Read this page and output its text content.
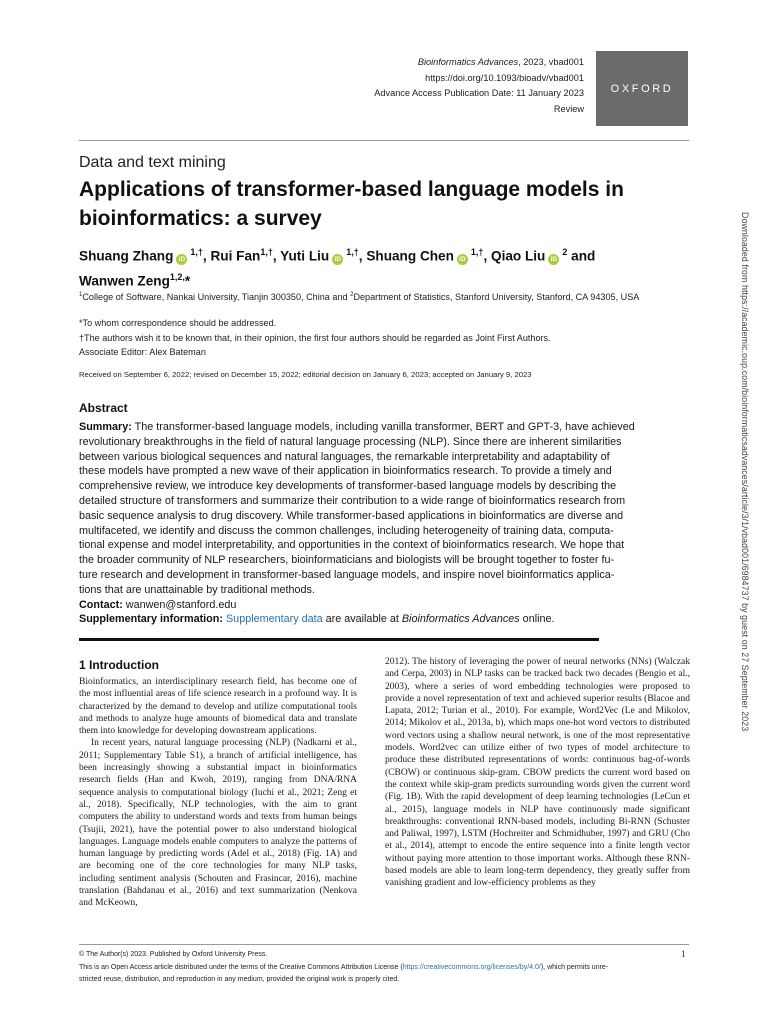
Bioinformatics Advances, 2023, vbad001
https://doi.org/10.1093/bioadv/vbad001
Advance Access Publication Date: 11 January 2023
Review
OXFORD
Data and text mining
Applications of transformer-based language models in
bioinformatics: a survey
Shuang Zhang $iD^{1,\dagger}$, Rui Fan$^{1,\dagger}$, Yuti Liu $iD^{1,\dagger}$, Shuang Chen $iD^{1,\dagger}$, Qiao Liu $iD^2$ and
Wanwen Zeng$^{1,2,}$*
$^1$College of Software, Nankai University, Tianjin 300350, China and $^2$Department of Statistics, Stanford University, Stanford, CA 94305, USA
*To whom correspondence should be addressed.
†The authors wish it to be known that, in their opinion, the first four authors should be regarded as Joint First Authors.
Associate Editor: Alex Bateman
Received on September 6, 2022; revised on December 15, 2022; editorial decision on January 6, 2023; accepted on January 9, 2023
Abstract

Summary: The transformer-based language models, including vanilla transformer, BERT and GPT-3, have achieved

revolutionary breakthroughs in the field of natural language processing (NLP). Since there are inherent similarities

between various biological sequences and natural languages, the remarkable interpretability and adaptability of

these models have prompted a new wave of their application in bioinformatics research. To provide a timely and

comprehensive review, we introduce key developments of transformer-based language models by describing the

detailed structure of transformers and summarize their contribution to a wide range of bioinformatics research from

basic sequence analysis to drug discovery. While transformer-based applications in bioinformatics are diverse and

multifaceted, we identify and discuss the common challenges, including heterogeneity of training data, computa-

tional expense and model interpretability, and opportunities in the context of bioinformatics research. We hope that

the broader community of NLP researchers, bioinformaticians and biologists will be brought together to foster fu-

ture research and development in transformer-based language models, and inspire novel bioinformatics applica-

tions that are unattainable by traditional methods.

Contact: wanwen@stanford.edu

Supplementary information: Supplementary data are available at Bioinformatics Advances online.

1 Introduction

Bioinformatics, an interdisciplinary research field, has become one of the most influential areas of life science research in a profound way. It is characterized by the demand to develop and utilize computational tools and methods to analyze huge amounts of biomedical data and translate them into knowledge for developing downstream applications.

In recent years, natural language processing (NLP) (Nadkarni et al., 2011; Supplementary Table S1), a branch of artificial intelligence, has been increasingly showing a substantial impact in bioinformatics research fields (Han and Kwoh, 2019), ranging from DNA/RNA sequence analysis to computational biology (Iuchi et al., 2021; Zeng et al., 2018). Specifically, NLP technologies, with the aim to grant computers the ability to understand words and texts from human beings (Tsujii, 2021), have the potential power to also understand biological languages. Language models enable computers to analyze the patterns of human language by predicting words (Adel et al., 2018) (Fig. 1A) and are becoming one of the core technologies for many NLP tasks, including sentiment analysis (Schouten and Frasincar, 2016), machine translation (Bahdanau et al., 2016) and text summarization (Nenkova and McKeown,

2012). The history of leveraging the power of neural networks (NNs) (Walczak and Cerpa, 2003) in NLP tasks can be tracked back two decades (Bengio et al., 2003), where a series of word embedding technologies were proposed to provide a novel representation of text and achieved superior results (Blacoe and Lapata, 2012; Turian et al., 2010). For example, Word2Vec (Le and Mikolov, 2014; Mikolov et al., 2013a, b), which maps one-hot word vectors to distributed word vectors using a shallow neural network, is one of the most representative models. Word2vec can utilize either of two types of model architecture to produce these distributed representations of words: continuous bag-of-words (CBOW) or continuous skip-gram. CBOW predicts the current word based on the context while skip-gram predicts surrounding words given the current word (Fig. 1B). With the rapid development of deep learning technologies (LeCun et al., 2015), language models in NLP have continuously made significant breakthroughs: conventional RNN-based models, including Bi-RNN (Schuster and Paliwal, 1997), LSTM (Hochreiter and Schmidhuber, 1997) and GRU (Cho et al., 2014), attempt to encode the entire sequence into a finite length vector without paying more attention to those important works. Although these RNN-based models are able to learn long-term dependency, they greatly suffer from vanishing gradient and low-efficiency problems as they

© The Author(s) 2023. Published by Oxford University Press.
This is an Open Access article distributed under the terms of the Creative Commons Attribution License (https://creativecommons.org/licenses/by/4.0/), which permits unre-
stricted reuse, distribution, and reproduction in any medium, provided the original work is properly cited.
1
Downloaded from https://academic.oup.com/bioinformaticsadvances/article/3/1/vbad001/6984737 by guest on 27 September 2023
